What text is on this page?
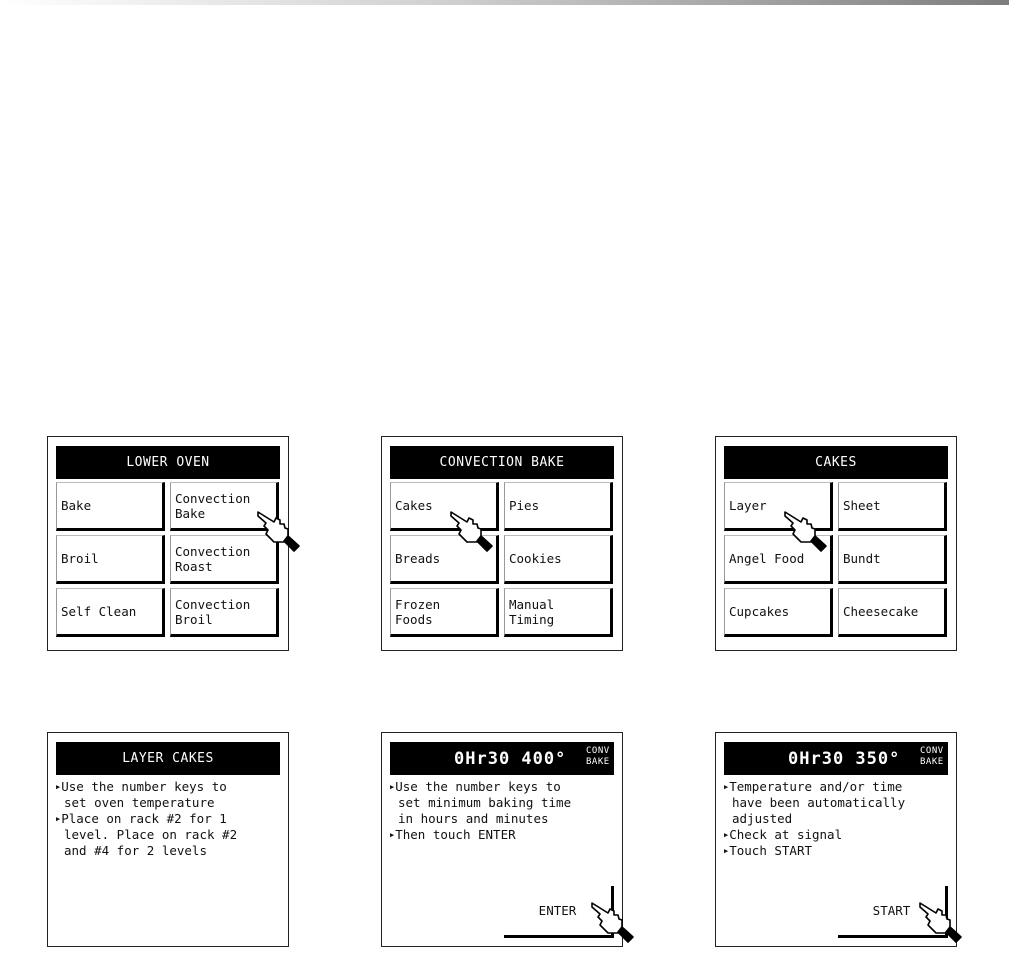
LOWER OVEN
Bake	Convection
Bake
Broil	Convection
Roast
Self Clean	Convection
Broil
CONVECTION BAKE
Cakes	Pies
Breads	Cookies
Frozen
Foods
Manual
Timing
CAKES
Layer	Sheet
Angel Food	Bundt
Cupcakes	Cheesecake
LAYER CAKES
▶Use the number keys to
set oven temperature
▶Place on rack #2 for 1
level. Place on rack #2
and #4 for 2 levels
0Hr30 400° CONV
BAKE
▶Use the number keys to
set minimum baking time
in hours and minutes
▶Then touch ENTER
ENTER
0Hr30 350° CONV
BAKE
▶Temperature and/or time
have been automatically
adjusted
▶Check at signal
▶Touch START
START
